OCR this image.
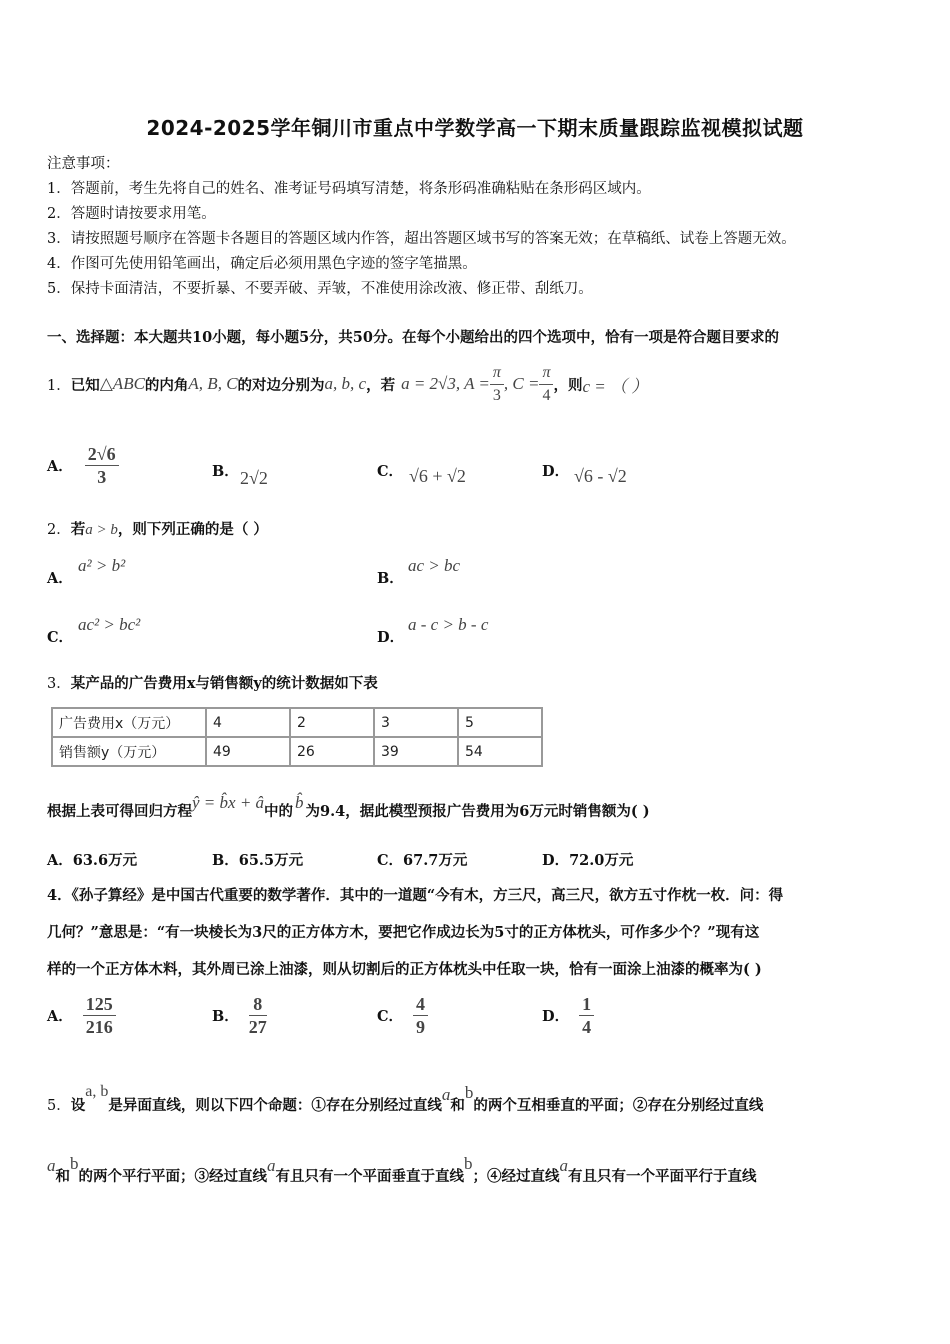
2024-2025学年铜川市重点中学数学高一下期末质量跟踪监视模拟试题
注意事项：
1．答题前，考生先将自己的姓名、准考证号码填写清楚，将条形码准确粘贴在条形码区域内。
2．答题时请按要求用笔。
3．请按照题号顺序在答题卡各题目的答题区域内作答，超出答题区域书写的答案无效；在草稿纸、试卷上答题无效。
4．作图可先使用铅笔画出，确定后必须用黑色字迹的签字笔描黑。
5．保持卡面清洁，不要折暴、不要弄破、弄皱，不准使用涂改液、修正带、刮纸刀。
一、选择题：本大题共10小题，每小题5分，共50分。在每个小题给出的四个选项中，恰有一项是符合题目要求的
1． 已知 △ABC 的内角 A, B, C 的对边分别为 a, b, c ，若 a = 2√3, $A = \frac{\pi}{3}$ , $C = \frac{\pi}{4}$ ，则 c = （ ）
A． $\frac{2√6}{3}$	B． 2√2	C． √6 + √2	D． √6 - √2
2．若a > b，则下列正确的是（ ）
A．
a² > b²
B．
ac > bc
C．
ac² > bc²
D．
a - c > b - c
3．某产品的广告费用x与销售额y的统计数据如下表
广告费用x（万元）	4	2	3	5
销售额y（万元）	49	26	39	54
根据上表可得回归方程 ŷ = b̂x + â 中的 b̂ 为9.4，据此模型预报广告费用为6万元时销售额为( )
A．63.6万元	B．65.5万元	C．67.7万元	D．72.0万元
4．《孙子算经》是中国古代重要的数学著作．其中的一道题“今有木，方三尺，高三尺，欲方五寸作枕一枚．问：得
几何？”意思是：“有一块棱长为3尺的正方体方木，要把它作成边长为5寸的正方体枕头，可作多少个？”现有这
样的一个正方体木料，其外周已涂上油漆，则从切割后的正方体枕头中任取一块，恰有一面涂上油漆的概率为( )
A． $\frac{125}{216}$	B． $\frac{8}{27}$	C． $\frac{4}{9}$	D． $\frac{1}{4}$
5． 设
a, b
是异面直线，则以下四个命题：①存在分别经过直线
a
和
b
的两个互相垂直的平面；②存在分别经过直线
a
和
b
的两个平行平面；③经过直线
a
有且只有一个平面垂直于直线
b
；④经过直线
a
有且只有一个平面平行于直线
